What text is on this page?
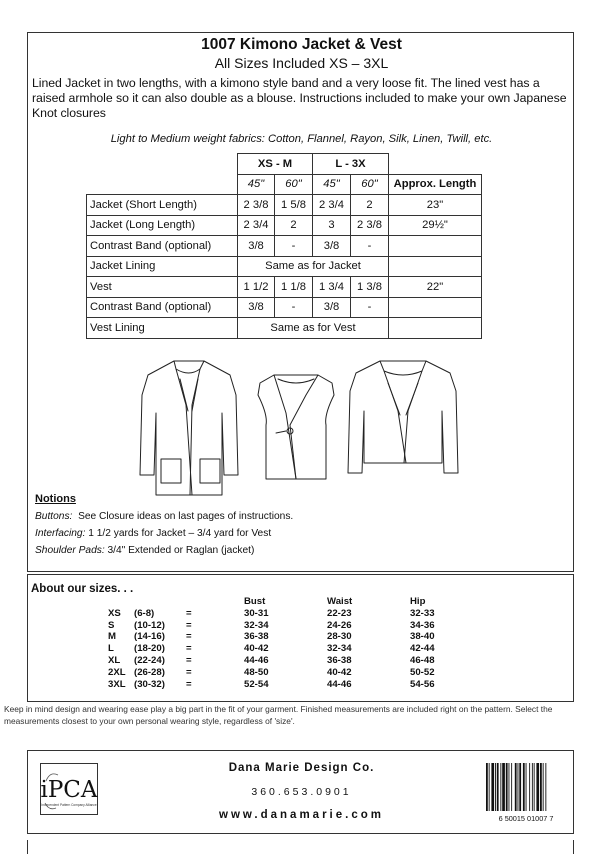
1007 Kimono Jacket & Vest
All Sizes Included XS – 3XL
Lined Jacket in two lengths, with a kimono style band and a very loose fit. The lined vest has a raised armhole so it can also double as a blouse. Instructions included to make your own Japanese Knot closures
Light to Medium weight fabrics: Cotton, Flannel, Rayon, Silk, Linen, Twill, etc.
	XS - M		L - 3X		
	45"	60"	45"	60"	Approx. Length
Jacket (Short Length)	2 3/8	1 5/8	2 3/4	2	23"
Jacket (Long Length)	2 3/4	2	3	2 3/8	29½"
Contrast Band (optional)	3/8	-	3/8	-	
Jacket Lining	Same as for Jacket				
Vest	1 1/2	1 1/8	1 3/4	1 3/8	22"
Contrast Band (optional)	3/8	-	3/8	-	
Vest Lining	Same as for Vest				
Notions
Buttons: See Closure ideas on last pages of instructions.
Interfacing: 1 1/2 yards for Jacket – 3/4 yard for Vest
Shoulder Pads: 3/4" Extended or Raglan (jacket)
About our sizes. . .
			Bust	Waist	Hip
XS	(6-8)	=	30-31	22-23	32-33
S	(10-12)	=	32-34	24-26	34-36
M	(14-16)	=	36-38	28-30	38-40
L	(18-20)	=	40-42	32-34	42-44
XL	(22-24)	=	44-46	36-38	46-48
2XL	(26-28)	=	48-50	40-42	50-52
3XL	(30-32)	=	52-54	44-46	54-56
Keep in mind design and wearing ease play a big part in the fit of your garment. Finished measurements are included right on the pattern. Select the measurements closest to your own personal wearing style, regardless of 'size'.
iPCA
Independent Pattern Company Alliance
Dana Marie Design Co.
360.653.0901
www.danamarie.com	6 50015 01007 7
